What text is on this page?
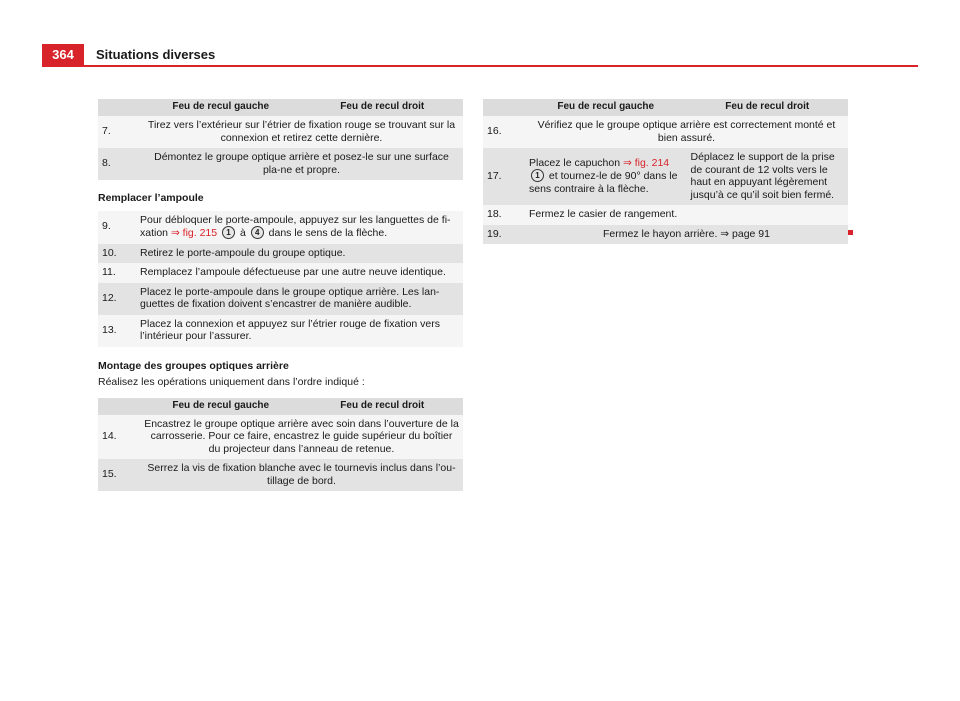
364	Situations diverses
	Feu de recul gauche	Feu de recul droit
7.	Tirez vers l’extérieur sur l’étrier de fixation rouge se trouvant sur la connexion et retirez cette dernière.	
8.	Démontez le groupe optique arrière et posez-le sur une surface pla-ne et propre.	
Remplacer l’ampoule
9.	Pour débloquer le porte-ampoule, appuyez sur les languettes de fi-xation ⇒ fig. 215 1 à 4 dans le sens de la flèche.
10.	Retirez le porte-ampoule du groupe optique.
11.	Remplacez l’ampoule défectueuse par une autre neuve identique.
12.	Placez le porte-ampoule dans le groupe optique arrière. Les lan-guettes de fixation doivent s’encastrer de manière audible.
13.	Placez la connexion et appuyez sur l’étrier rouge de fixation vers l’intérieur pour l’assurer.
Montage des groupes optiques arrière
Réalisez les opérations uniquement dans l’ordre indiqué :
	Feu de recul gauche	Feu de recul droit
14.	Encastrez le groupe optique arrière avec soin dans l’ouverture de la carrosserie. Pour ce faire, encastrez le guide supérieur du boîtier du projecteur dans l’anneau de retenue.	
15.	Serrez la vis de fixation blanche avec le tournevis inclus dans l’ou-tillage de bord.	
	Feu de recul gauche	Feu de recul droit
16.	Vérifiez que le groupe optique arrière est correctement monté et bien assuré.	
17.	Placez le capuchon ⇒ fig. 214 1 et tournez-le de 90° dans le sens contraire à la flèche.	Déplacez le support de la prise de courant de 12 volts vers le haut en appuyant légèrement jusqu’à ce qu’il soit bien fermé.
18.	Fermez le casier de rangement.	
19.	Fermez le hayon arrière. ⇒ page 91	
